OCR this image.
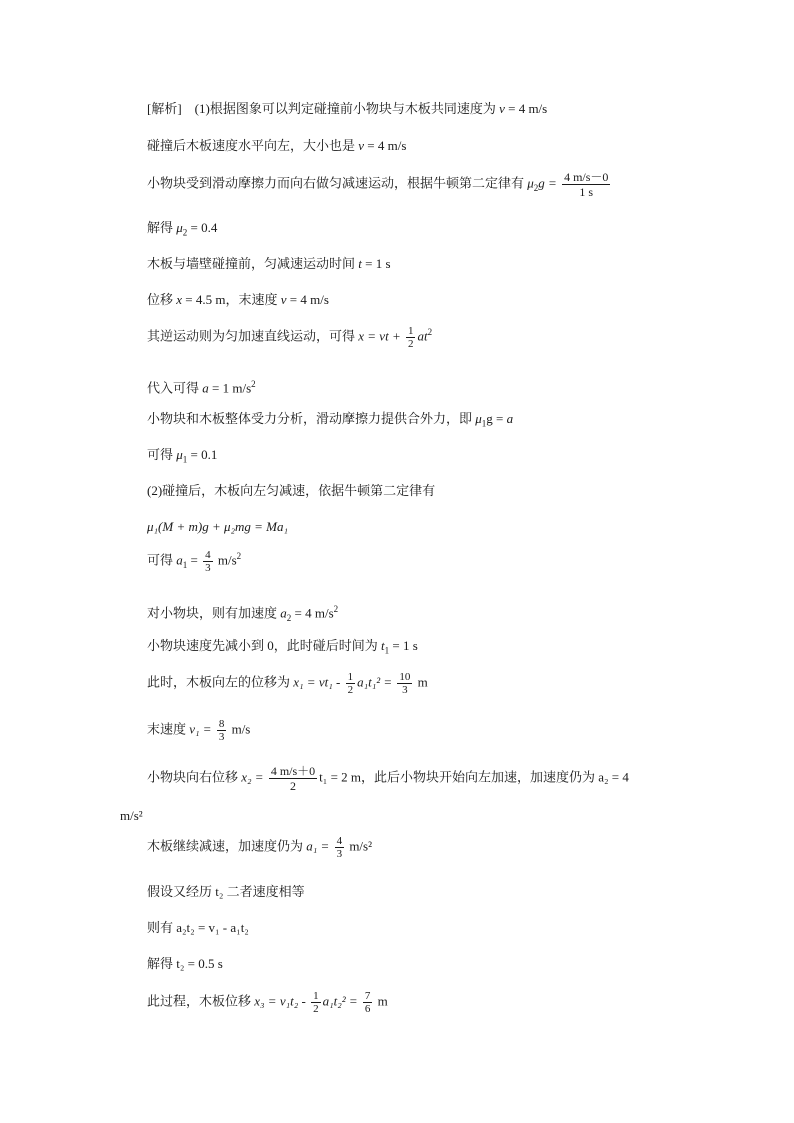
[解析]　(1)根据图象可以判定碰撞前小物块与木板共同速度为 v = 4 m/s
碰撞后木板速度水平向左，大小也是 v = 4 m/s
小物块受到滑动摩擦力而向右做匀减速运动，根据牛顿第二定律有 $\mu_2g = \frac{4 m/s-0}{1 s}$
解得 $\mu_2 = 0.4$
木板与墙壁碰撞前，匀减速运动时间 t = 1 s
位移 x = 4.5 m，末速度 v = 4 m/s
其逆运动则为匀加速直线运动，可得 x = vt + $\frac{1}{2} at^2$
代入可得 a = 1 $m/s^2$
小物块和木板整体受力分析，滑动摩擦力提供合外力，即 $\mu_1g = a$
可得 $\mu_1 = 0.1$
(2)碰撞后，木板向左匀减速，依据牛顿第二定律有
μ₁(M + m)g + μ₂mg = Ma₁
可得 $a_1 = \frac{4}{3} m/s^2$
对小物块，则有加速度 $a_2 = 4$ $m/s^2$
小物块速度先减小到 0，此时碰后时间为 $t_1 = 1$ s
此时，木板向左的位移为 $x_1 = vt_1 - \frac{1}{2} a_1t_1^2 = \frac{10}{3}$ m
末速度 $v_1 = \frac{8}{3} m/s$
小物块向右位移 $x_2 = \frac{4 m/s+0}{2} t_1 = 2$ m，此后小物块开始向左加速，加速度仍为 a₂ = 4
m/s²
木板继续减速，加速度仍为 $a_1 = \frac{4}{3} m/s^2$
假设又经历 t₂ 二者速度相等
则有 a₂t₂ = v₁ - a₁t₂
解得 t₂ = 0.5 s
此过程，木板位移 $x_3 = v_1t_2 - \frac{1}{2} a_1t_2^2 = \frac{7}{6}$ m
